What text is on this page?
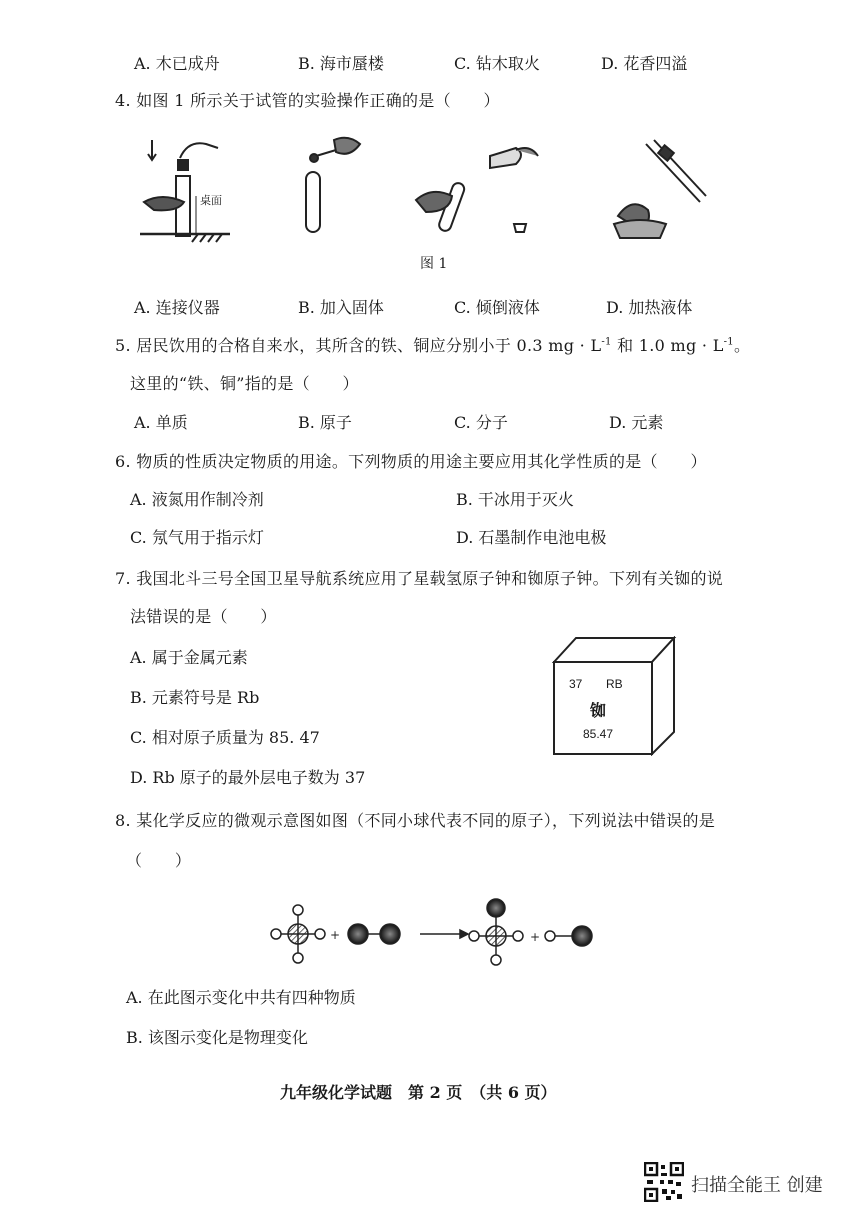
A. 木已成舟	B. 海市蜃楼	C. 钻木取火	D. 花香四溢
4. 如图 1 所示关于试管的实验操作正确的是（　　）
桌面
图 1
A. 连接仪器	B. 加入固体	C. 倾倒液体	D. 加热液体
5. 居民饮用的合格自来水，其所含的铁、铜应分别小于 0.3 mg · $L^{-1}$ 和 1.0 mg · $L^{-1}$。
这里的“铁、铜”指的是（　　）
A. 单质	B. 原子	C. 分子	D. 元素
6. 物质的性质决定物质的用途。下列物质的用途主要应用其化学性质的是（　　）
A. 液氮用作制冷剂	B. 干冰用于灭火
C. 氖气用于指示灯	D. 石墨制作电池电极
7. 我国北斗三号全国卫星导航系统应用了星载氢原子钟和铷原子钟。下列有关铷的说
法错误的是（　　）
A. 属于金属元素
B. 元素符号是 Rb
C. 相对原子质量为 85. 47
D. Rb 原子的最外层电子数为 37
37 RB
铷
85.47
8. 某化学反应的微观示意图如图（不同小球代表不同的原子），下列说法中错误的是
（　　）
+	+
A. 在此图示变化中共有四种物质
B. 该图示变化是物理变化
九年级化学试题　第 2 页　（共 6 页）
扫描全能王 创建
